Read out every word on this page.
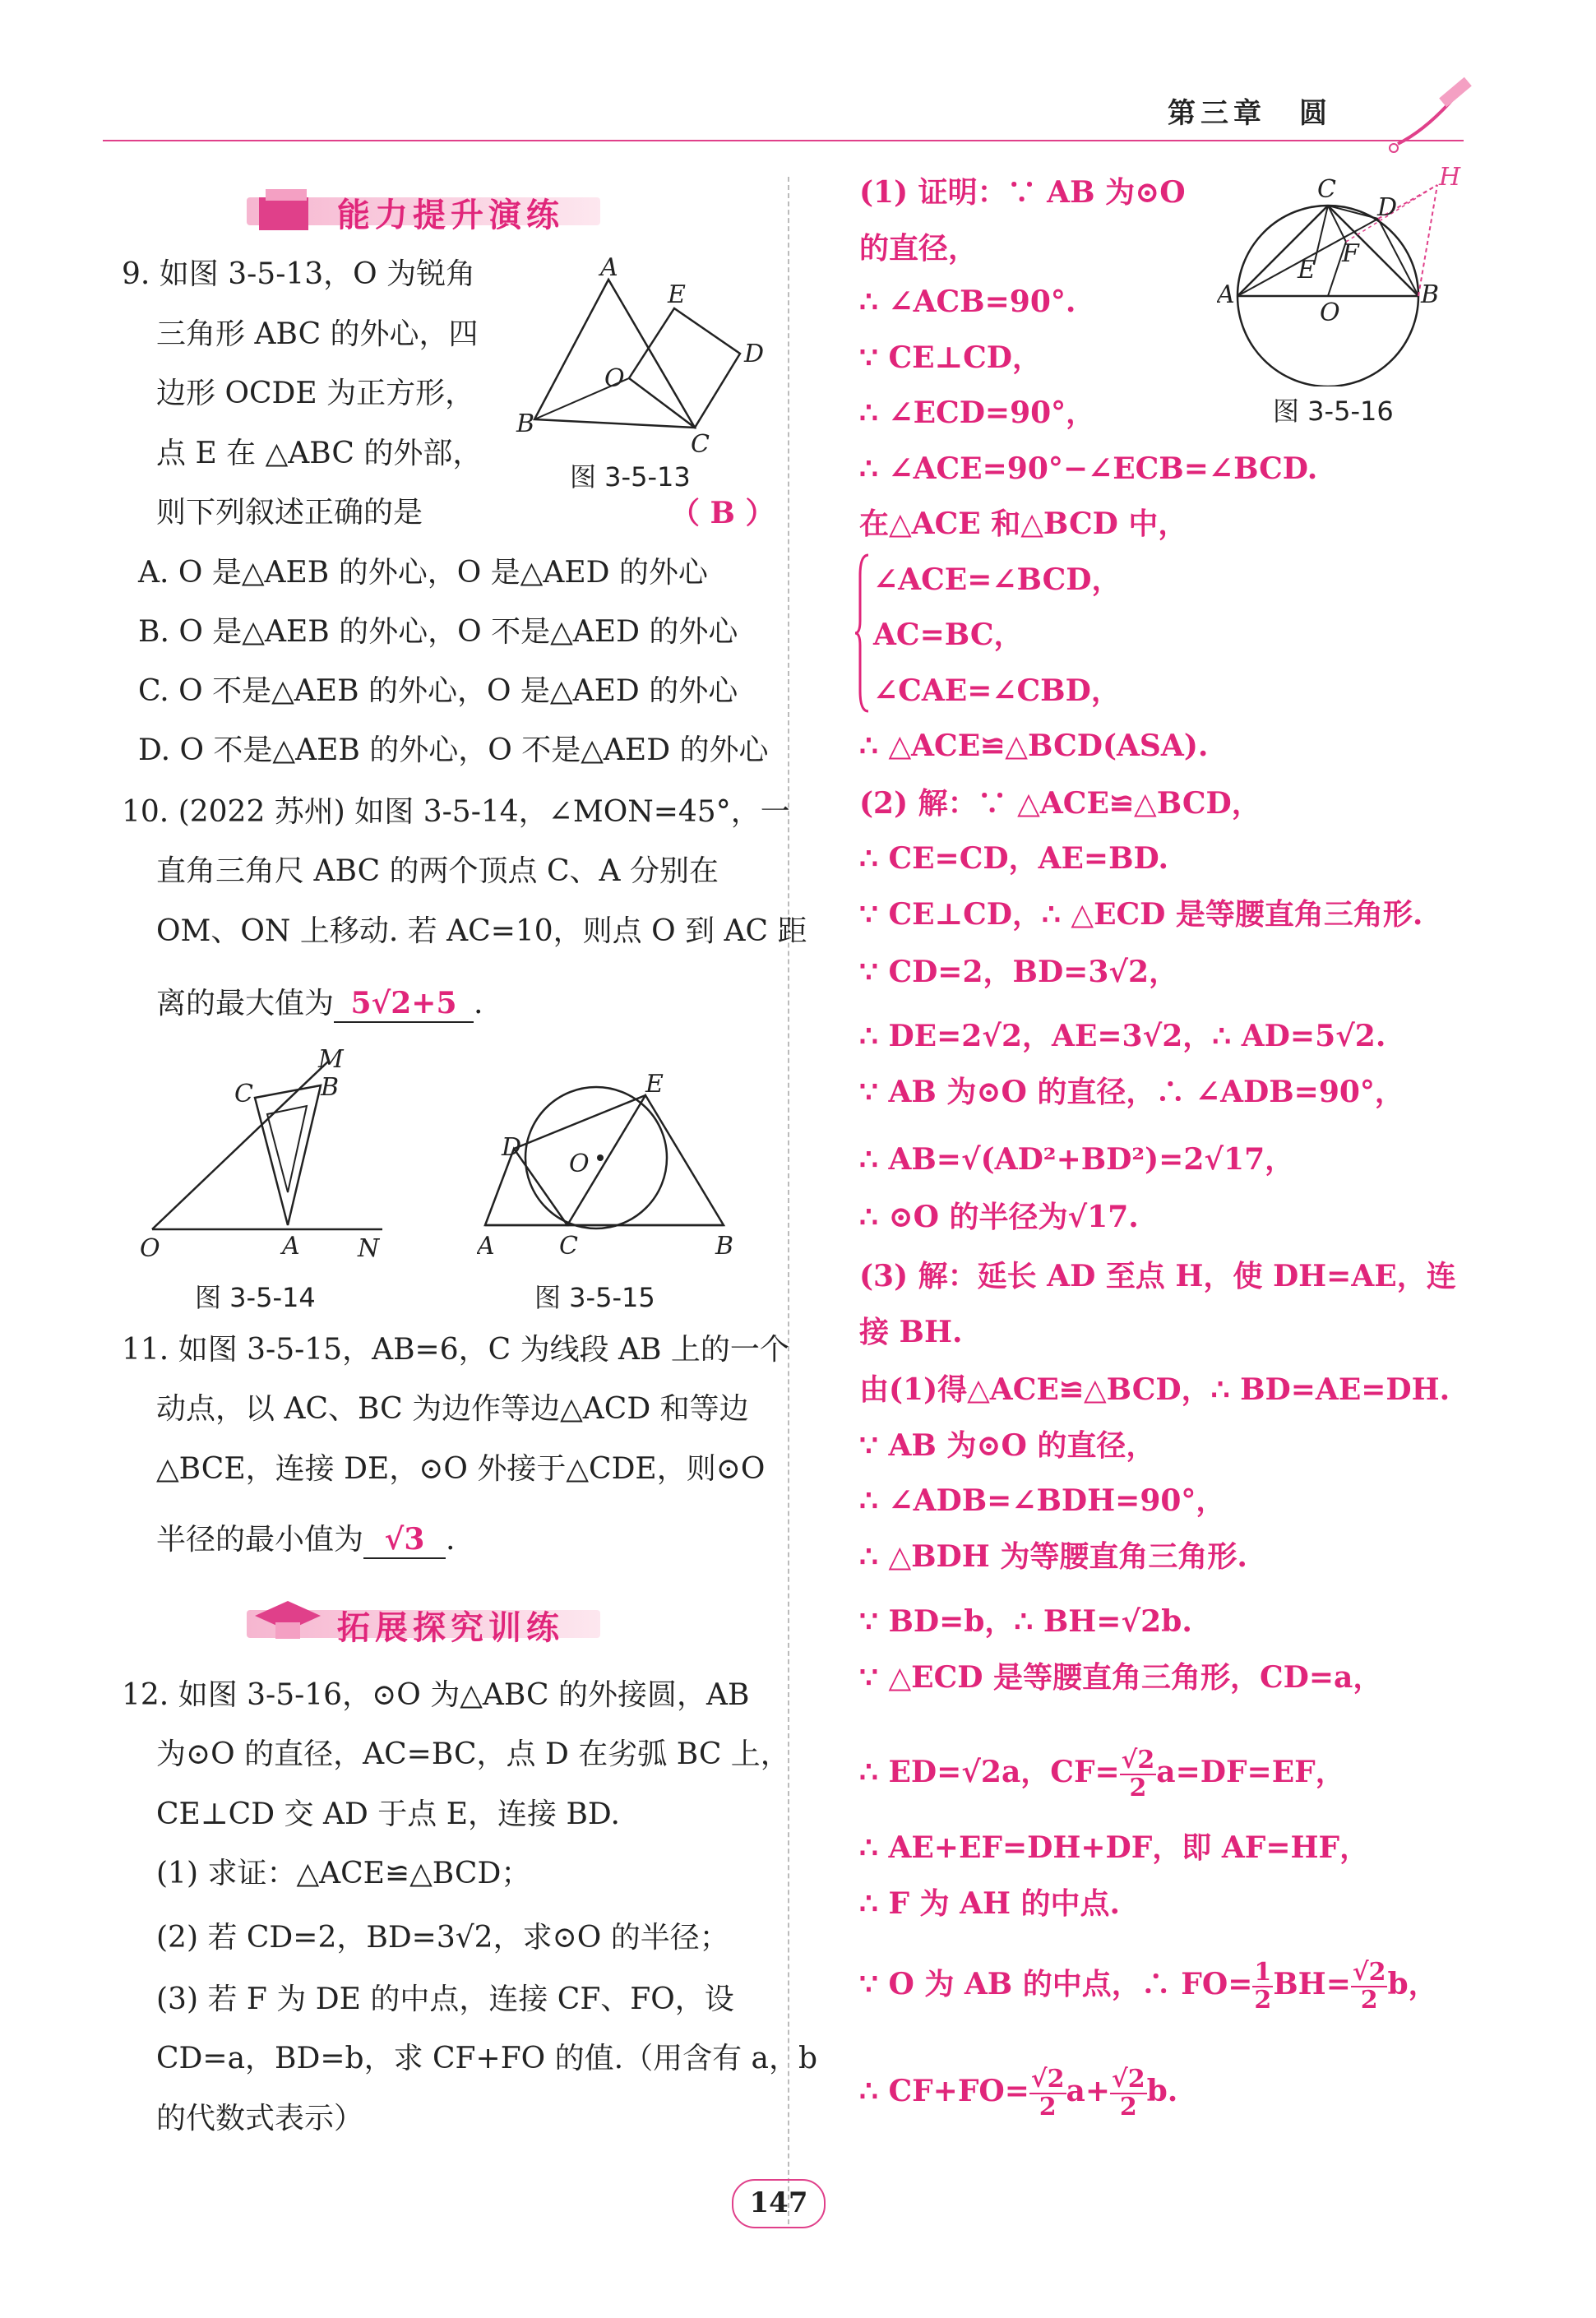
第三章　圆
能力提升演练
9. 如图 3-5-13，O 为锐角
三角形 ABC 的外心，四
边形 OCDE 为正方形，
点 E 在 △ABC 的外部，
则下列叙述正确的是	（ B ）
A
B
C
D
E
O
图 3-5-13
A. O 是△AEB 的外心，O 是△AED 的外心
B. O 是△AEB 的外心，O 不是△AED 的外心
C. O 不是△AEB 的外心，O 是△AED 的外心
D. O 不是△AEB 的外心，O 不是△AED 的外心
10. (2022 苏州) 如图 3-5-14，∠MON=45°，一
直角三角尺 ABC 的两个顶点 C、A 分别在
OM、ON 上移动. 若 AC=10，则点 O 到 AC 距
离的最大值为 5√2+5 .
M
B
C
O	A N
图 3-5-14
E
D
O
A	C	B
图 3-5-15
11. 如图 3-5-15，AB=6，C 为线段 AB 上的一个
动点，以 AC、BC 为边作等边△ACD 和等边
△BCE，连接 DE，⊙O 外接于△CDE，则⊙O
半径的最小值为 √3 .
拓展探究训练
12. 如图 3-5-16，⊙O 为△ABC 的外接圆，AB
为⊙O 的直径，AC=BC，点 D 在劣弧 BC 上，
CE⊥CD 交 AD 于点 E，连接 BD.
(1) 求证：△ACE≌△BCD；
(2) 若 CD=2，BD=3√2，求⊙O 的半径；
(3) 若 F 为 DE 的中点，连接 CF、FO，设
CD=a，BD=b，求 CF+FO 的值.（用含有 a，b
的代数式表示）
C
D
H
A
E
F
O
B
图 3-5-16
(1) 证明：∵ AB 为⊙O
的直径，
∴ ∠ACB=90°.
∵ CE⊥CD，
∴ ∠ECD=90°，
∴ ∠ACE=90°−∠ECB=∠BCD.
在△ACE 和△BCD 中，
∠ACE=∠BCD，
AC=BC，
∠CAE=∠CBD，
∴ △ACE≌△BCD(ASA).
(2) 解：∵ △ACE≌△BCD，
∴ CE=CD，AE=BD.
∵ CE⊥CD，∴ △ECD 是等腰直角三角形.
∵ CD=2，BD=3√2，
∴ DE=2√2，AE=3√2，∴ AD=5√2.
∵ AB 为⊙O 的直径，∴ ∠ADB=90°，
∴ AB=√(AD²+BD²)=2√17，
∴ ⊙O 的半径为√17.
(3) 解：延长 AD 至点 H，使 DH=AE，连
接 BH.
由(1)得△ACE≌△BCD，∴ BD=AE=DH.
∵ AB 为⊙O 的直径，
∴ ∠ADB=∠BDH=90°，
∴ △BDH 为等腰直角三角形.
∵ BD=b，∴ BH=√2b.
∵ △ECD 是等腰直角三角形，CD=a，
∴ ED=√2a，$CF= \frac{√2}{2} a=DF=EF$，
∴ AE+EF=DH+DF，即 AF=HF，
∴ F 为 AH 的中点.
∵ O 为 AB 的中点，∴ $FO= \frac{1}{2} BH= \frac{√2}{2}$ b，
∴ $CF+FO= \frac{√2}{2} a+ \frac{√2}{2} b$.
147
